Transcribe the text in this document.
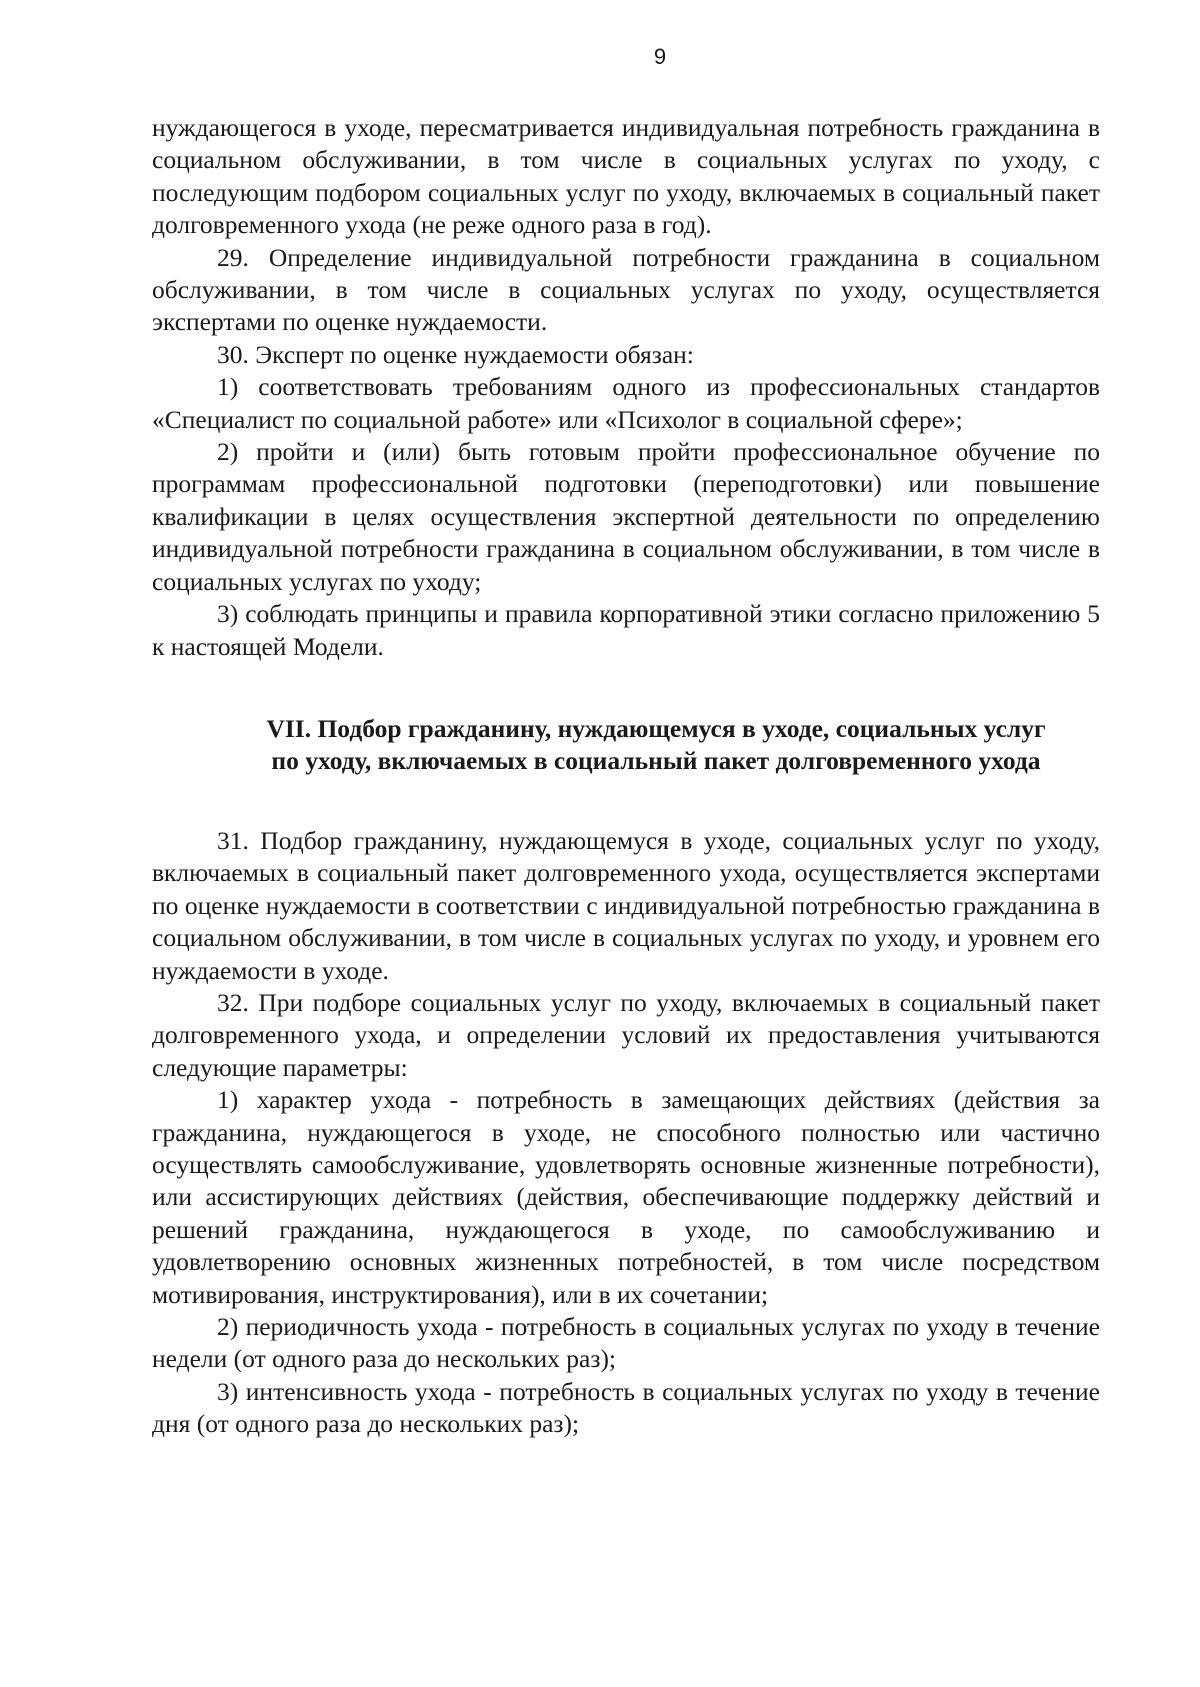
9

нуждающегося в уходе, пересматривается индивидуальная потребность гражданина в социальном обслуживании, в том числе в социальных услугах по уходу, с последующим подбором социальных услуг по уходу, включаемых в социальный пакет долговременного ухода (не реже одного раза в год).

29. Определение индивидуальной потребности гражданина в социальном обслуживании, в том числе в социальных услугах по уходу, осуществляется экспертами по оценке нуждаемости.

30. Эксперт по оценке нуждаемости обязан:

1) соответствовать требованиям одного из профессиональных стандартов «Специалист по социальной работе» или «Психолог в социальной сфере»;

2) пройти и (или) быть готовым пройти профессиональное обучение по программам профессиональной подготовки (переподготовки) или повышение квалификации в целях осуществления экспертной деятельности по определению индивидуальной потребности гражданина в социальном обслуживании, в том числе в социальных услугах по уходу;

3) соблюдать принципы и правила корпоративной этики согласно приложению 5 к настоящей Модели.

VII. Подбор гражданину, нуждающемуся в уходе, социальных услуг
по уходу, включаемых в социальный пакет долговременного ухода

31. Подбор гражданину, нуждающемуся в уходе, социальных услуг по уходу, включаемых в социальный пакет долговременного ухода, осуществляется экспертами по оценке нуждаемости в соответствии с индивидуальной потребностью гражданина в социальном обслуживании, в том числе в социальных услугах по уходу, и уровнем его нуждаемости в уходе.

32. При подборе социальных услуг по уходу, включаемых в социальный пакет долговременного ухода, и определении условий их предоставления учитываются следующие параметры:

1) характер ухода - потребность в замещающих действиях (действия за гражданина, нуждающегося в уходе, не способного полностью или частично осуществлять самообслуживание, удовлетворять основные жизненные потребности), или ассистирующих действиях (действия, обеспечивающие поддержку действий и решений гражданина, нуждающегося в уходе, по самообслуживанию и удовлетворению основных жизненных потребностей, в том числе посредством мотивирования, инструктирования), или в их сочетании;

2) периодичность ухода - потребность в социальных услугах по уходу в течение недели (от одного раза до нескольких раз);

3) интенсивность ухода - потребность в социальных услугах по уходу в течение дня (от одного раза до нескольких раз);
